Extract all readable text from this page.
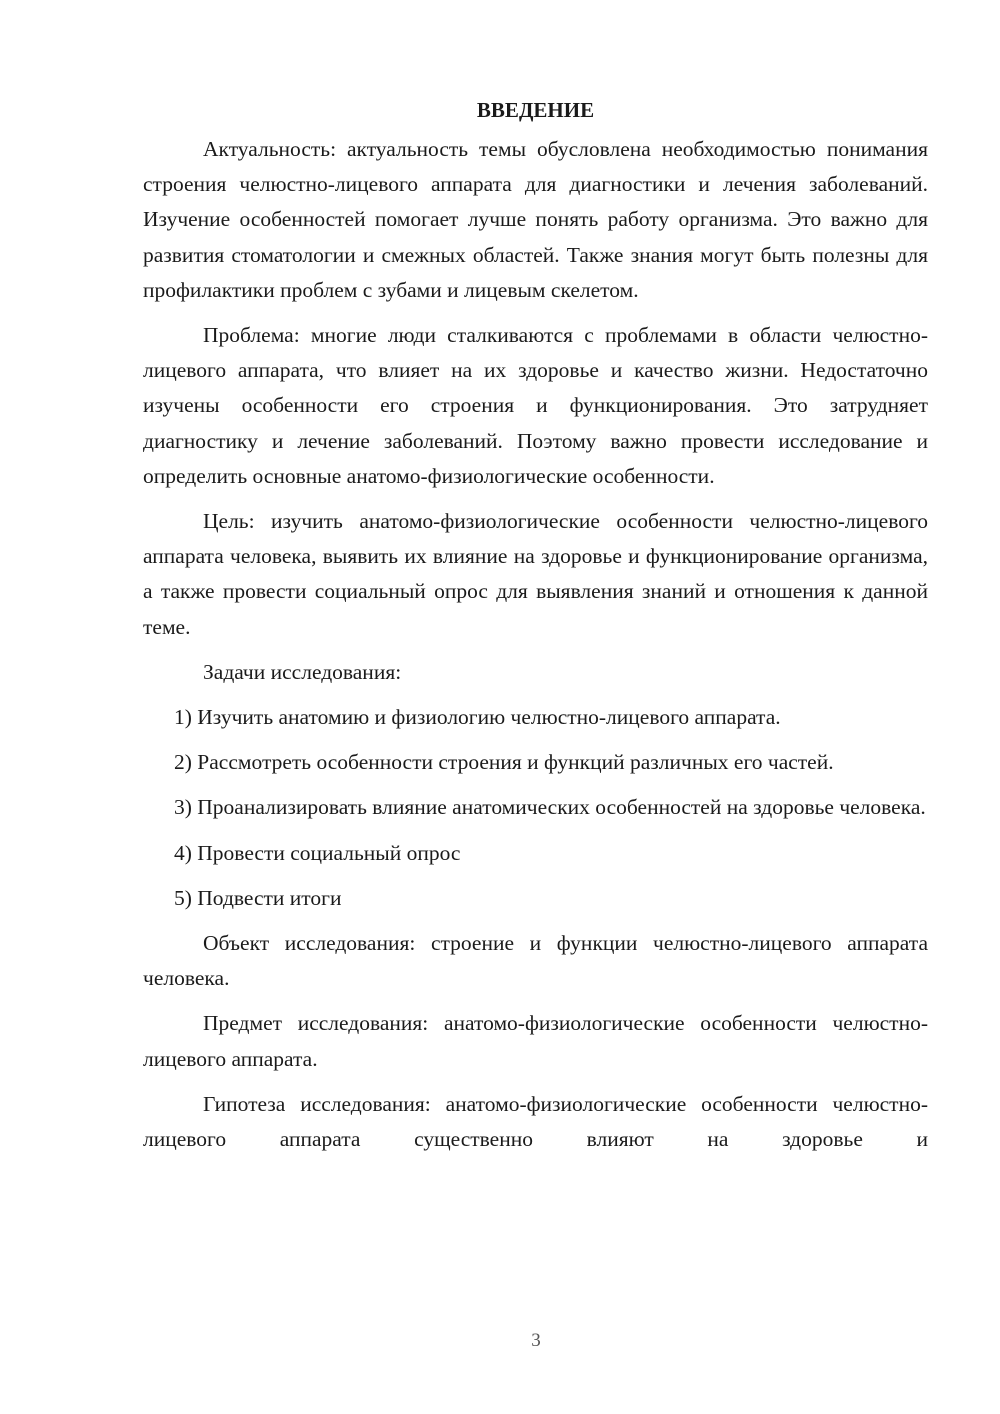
ВВЕДЕНИЕ

Актуальность: актуальность темы обусловлена необходимостью понимания строения челюстно-лицевого аппарата для диагностики и лечения заболеваний. Изучение особенностей помогает лучше понять работу организма. Это важно для развития стоматологии и смежных областей. Также знания могут быть полезны для профилактики проблем с зубами и лицевым скелетом.

Проблема: многие люди сталкиваются с проблемами в области челюстно-лицевого аппарата, что влияет на их здоровье и качество жизни. Недостаточно изучены особенности его строения и функционирования. Это затрудняет диагностику и лечение заболеваний. Поэтому важно провести исследование и определить основные анатомо-физиологические особенности.

Цель: изучить анатомо-физиологические особенности челюстно-лицевого аппарата человека, выявить их влияние на здоровье и функционирование организма, а также провести социальный опрос для выявления знаний и отношения к данной теме.

Задачи исследования:

1) Изучить анатомию и физиологию челюстно-лицевого аппарата.

2) Рассмотреть особенности строения и функций различных его частей.

3) Проанализировать влияние анатомических особенностей на здоровье человека.

4) Провести социальный опрос

5) Подвести итоги

Объект исследования: строение и функции челюстно-лицевого аппарата человека.

Предмет исследования: анатомо-физиологические особенности челюстно-лицевого аппарата.

Гипотеза исследования: анатомо-физиологические особенности челюстно-лицевого аппарата существенно влияют на здоровье и

3
